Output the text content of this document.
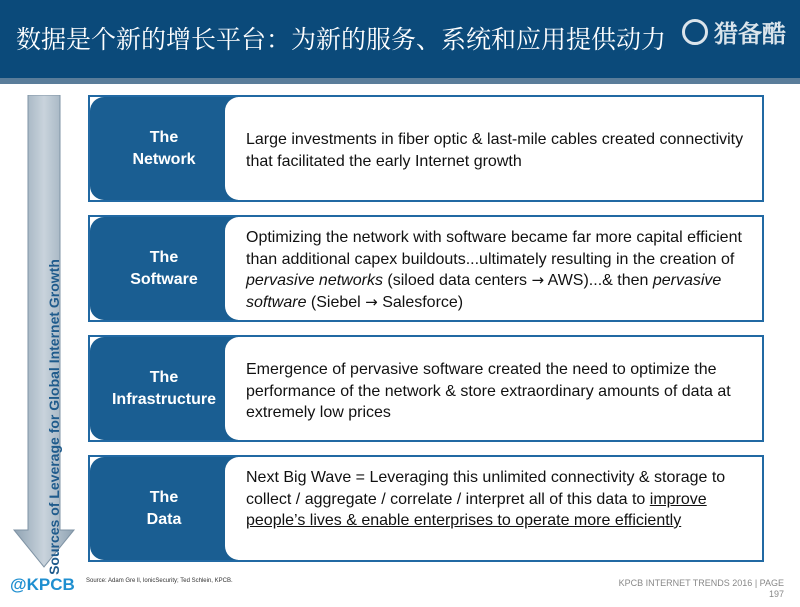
数据是个新的增长平台：为新的服务、系统和应用提供动力 猎备酷
Sources of Leverage for Global Internet Growth
The
Network
Large investments in fiber optic & last-mile cables created connectivity that facilitated the early Internet growth
The
Software
Optimizing the network with software became far more capital efficient than additional capex buildouts...ultimately resulting in the creation of pervasive networks (siloed data centers → AWS)...& then pervasive software (Siebel → Salesforce)
The
Infrastructure
Emergence of pervasive software created the need to optimize the performance of the network & store extraordinary amounts of data at extremely low prices
The
Data
Next Big Wave = Leveraging this unlimited connectivity & storage to collect / aggregate / correlate / interpret all of this data to improve people’s lives & enable enterprises to operate more efficiently
@KPCB Source: Adam Gre ll, lonicSecurity; Ted Schlein, KPCB.	KPCB INTERNET TRENDS 2016 | PAGE
197
